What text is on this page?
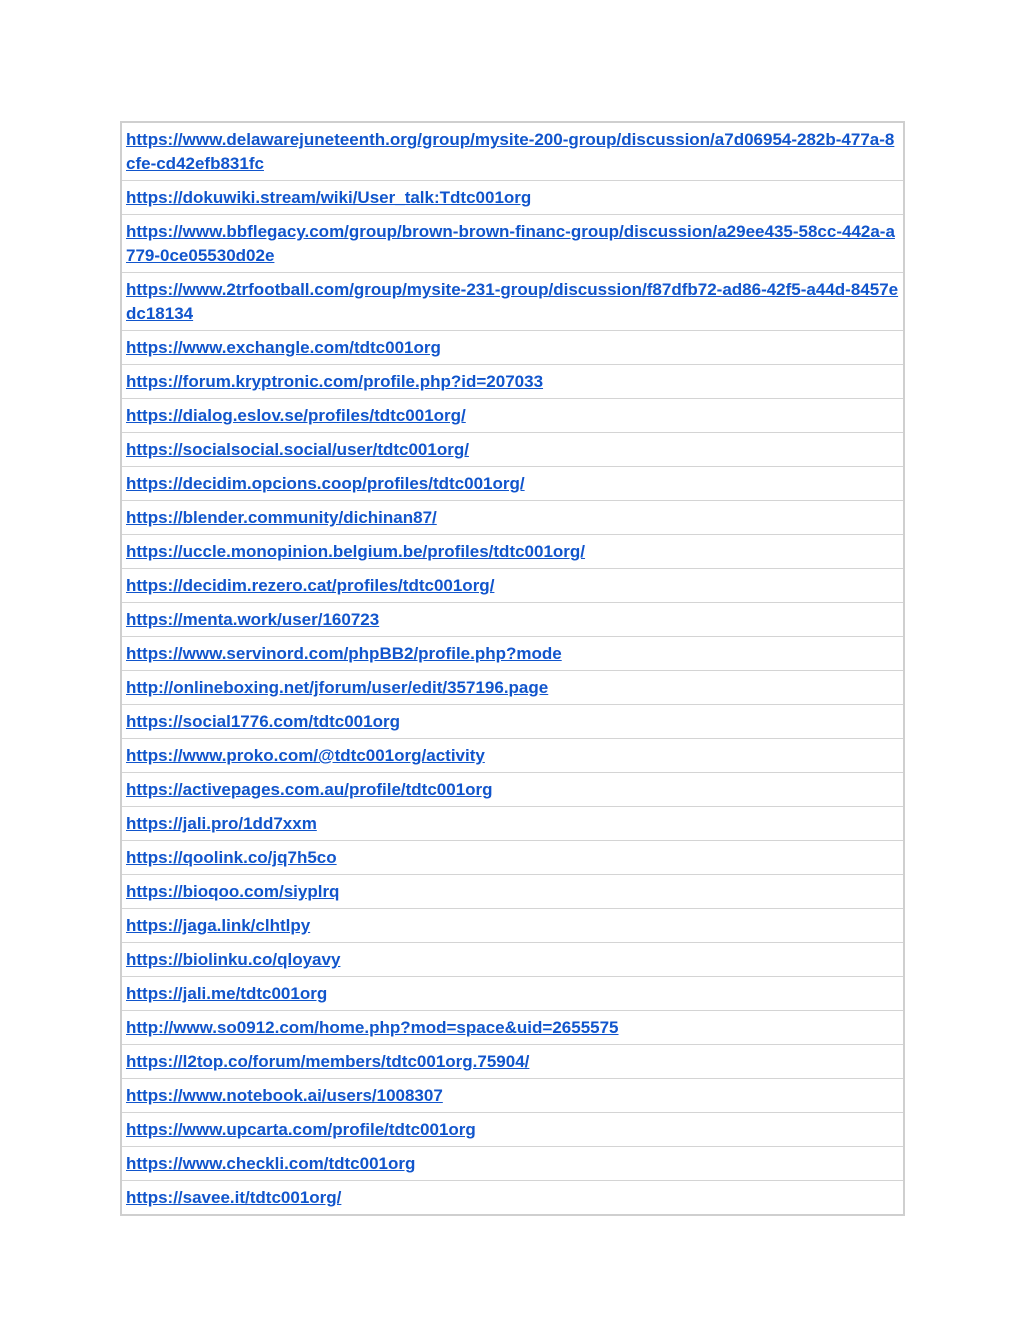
https://www.delawarejuneteenth.org/group/mysite-200-group/discussion/a7d06954-282b-477a-8cfe-cd42efb831fc
https://dokuwiki.stream/wiki/User_talk:Tdtc001org
https://www.bbflegacy.com/group/brown-brown-financ-group/discussion/a29ee435-58cc-442a-a779-0ce05530d02e
https://www.2trfootball.com/group/mysite-231-group/discussion/f87dfb72-ad86-42f5-a44d-8457edc18134
https://www.exchangle.com/tdtc001org
https://forum.kryptronic.com/profile.php?id=207033
https://dialog.eslov.se/profiles/tdtc001org/
https://socialsocial.social/user/tdtc001org/
https://decidim.opcions.coop/profiles/tdtc001org/
https://blender.community/dichinan87/
https://uccle.monopinion.belgium.be/profiles/tdtc001org/
https://decidim.rezero.cat/profiles/tdtc001org/
https://menta.work/user/160723
https://www.servinord.com/phpBB2/profile.php?mode
http://onlineboxing.net/jforum/user/edit/357196.page
https://social1776.com/tdtc001org
https://www.proko.com/@tdtc001org/activity
https://activepages.com.au/profile/tdtc001org
https://jali.pro/1dd7xxm
https://qoolink.co/jq7h5co
https://bioqoo.com/siyplrq
https://jaga.link/clhtlpy
https://biolinku.co/qloyavy
https://jali.me/tdtc001org
http://www.so0912.com/home.php?mod=space&uid=2655575
https://l2top.co/forum/members/tdtc001org.75904/
https://www.notebook.ai/users/1008307
https://www.upcarta.com/profile/tdtc001org
https://www.checkli.com/tdtc001org
https://savee.it/tdtc001org/
